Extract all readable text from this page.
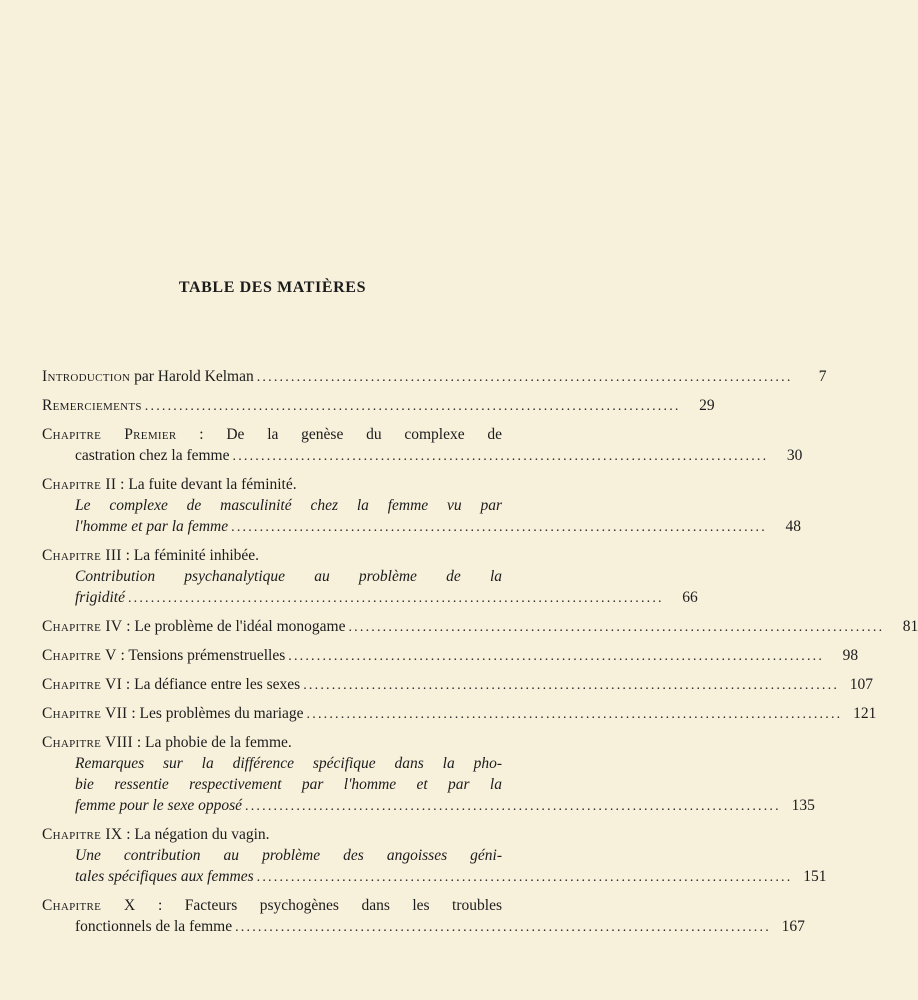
TABLE DES MATIÈRES
Introduction par Harold Kelman ..............................................................................................	7
Remerciements ..............................................................................................	29
Chapitre Premier : De la genèse du complexe de
castration chez la femme ..............................................................................................	30
Chapitre II : La fuite devant la féminité.
Le complexe de masculinité chez la femme vu par
l'homme et par la femme ..............................................................................................	48
Chapitre III : La féminité inhibée.
Contribution psychanalytique au problème de la
frigidité ..............................................................................................	66
Chapitre IV : Le problème de l'idéal monogame ..............................................................................................	81
Chapitre V : Tensions prémenstruelles ..............................................................................................	98
Chapitre VI : La défiance entre les sexes .............................................................................................. 107
Chapitre VII : Les problèmes du mariage .............................................................................................. 121
Chapitre VIII : La phobie de la femme.
Remarques sur la différence spécifique dans la pho-
bie ressentie respectivement par l'homme et par la
femme pour le sexe opposé .............................................................................................. 135
Chapitre IX : La négation du vagin.
Une contribution au problème des angoisses géni-
tales spécifiques aux femmes .............................................................................................. 151
Chapitre X : Facteurs psychogènes dans les troubles
fonctionnels de la femme .............................................................................................. 167
